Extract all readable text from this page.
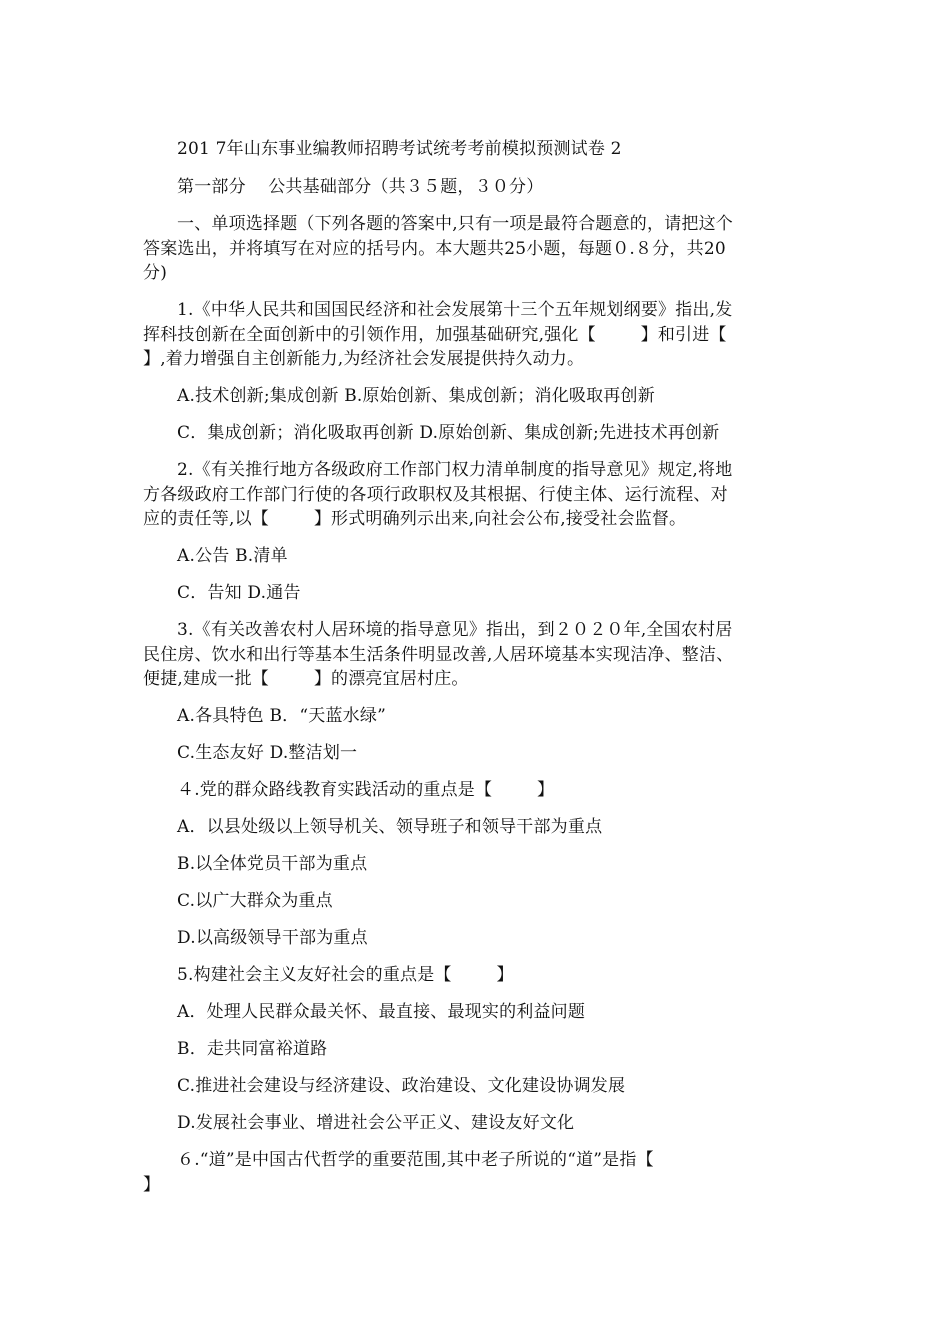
201 7年山东事业编教师招聘考试统考考前模拟预测试卷 2
第一部分    公共基础部分（共３５题，３０分）
一、单项选择题（下列各题的答案中,只有一项是最符合题意的，请把这个
答案选出，并将填写在对应的括号内。本大题共25小题，每题０.８分，共20
分)
1.《中华人民共和国国民经济和社会发展第十三个五年规划纲要》指出,发
挥科技创新在全面创新中的引领作用，加强基础研究,强化【        】和引进【
】,着力增强自主创新能力,为经济社会发展提供持久动力。
A.技术创新;集成创新 B.原始创新、集成创新；消化吸取再创新
C．集成创新；消化吸取再创新 D.原始创新、集成创新;先进技术再创新
2.《有关推行地方各级政府工作部门权力清单制度的指导意见》规定,将地
方各级政府工作部门行使的各项行政职权及其根据、行使主体、运行流程、对
应的责任等,以【        】形式明确列示出来,向社会公布,接受社会监督。
A.公告 B.清单
C．告知 D.通告
3.《有关改善农村人居环境的指导意见》指出，到２０２０年,全国农村居
民住房、饮水和出行等基本生活条件明显改善,人居环境基本实现洁净、整洁、
便捷,建成一批【        】的漂亮宜居村庄。
A.各具特色 B．“天蓝水绿”
C.生态友好 D.整洁划一
４.党的群众路线教育实践活动的重点是【        】
A．以县处级以上领导机关、领导班子和领导干部为重点
B.以全体党员干部为重点
C.以广大群众为重点
D.以高级领导干部为重点
5.构建社会主义友好社会的重点是【        】
A．处理人民群众最关怀、最直接、最现实的利益问题
B．走共同富裕道路
C.推进社会建设与经济建设、政治建设、文化建设协调发展
D.发展社会事业、增进社会公平正义、建设友好文化
６.“道”是中国古代哲学的重要范围,其中老子所说的“道”是指【
】
